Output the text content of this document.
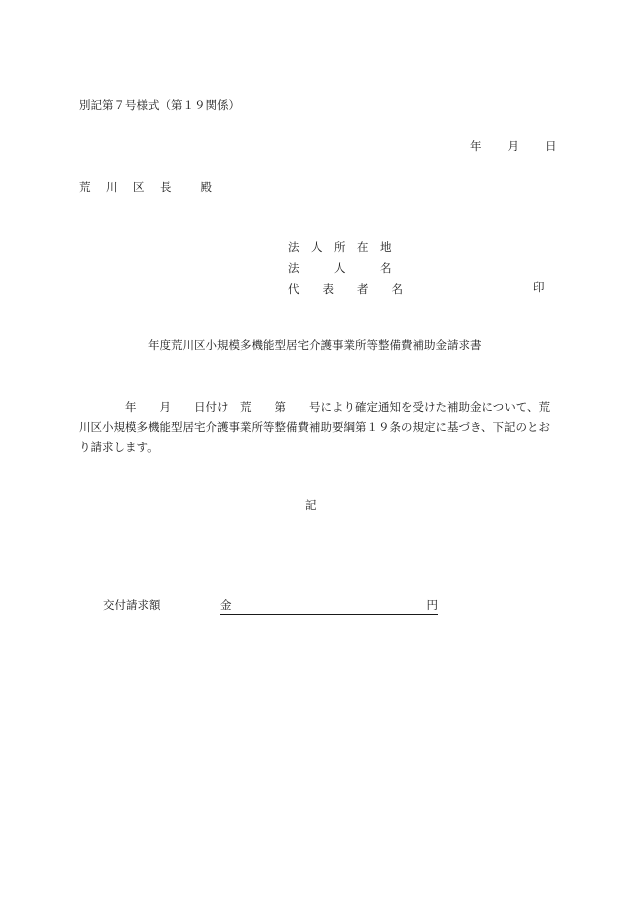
別記第７号様式（第１９関係）
年 月 日
荒　川　区　長　　殿
法　人　所　在　地
法　　　人　　　名
代　　表　　者　　名	印
年度荒川区小規模多機能型居宅介護事業所等整備費補助金請求書
　　　　年　　月　　日付け　荒　　第　　号により確定通知を受けた補助金について、荒
川区小規模多機能型居宅介護事業所等整備費補助要綱第１９条の規定に基づき、下記のとお
り請求します。
記
交付請求額	金	円
